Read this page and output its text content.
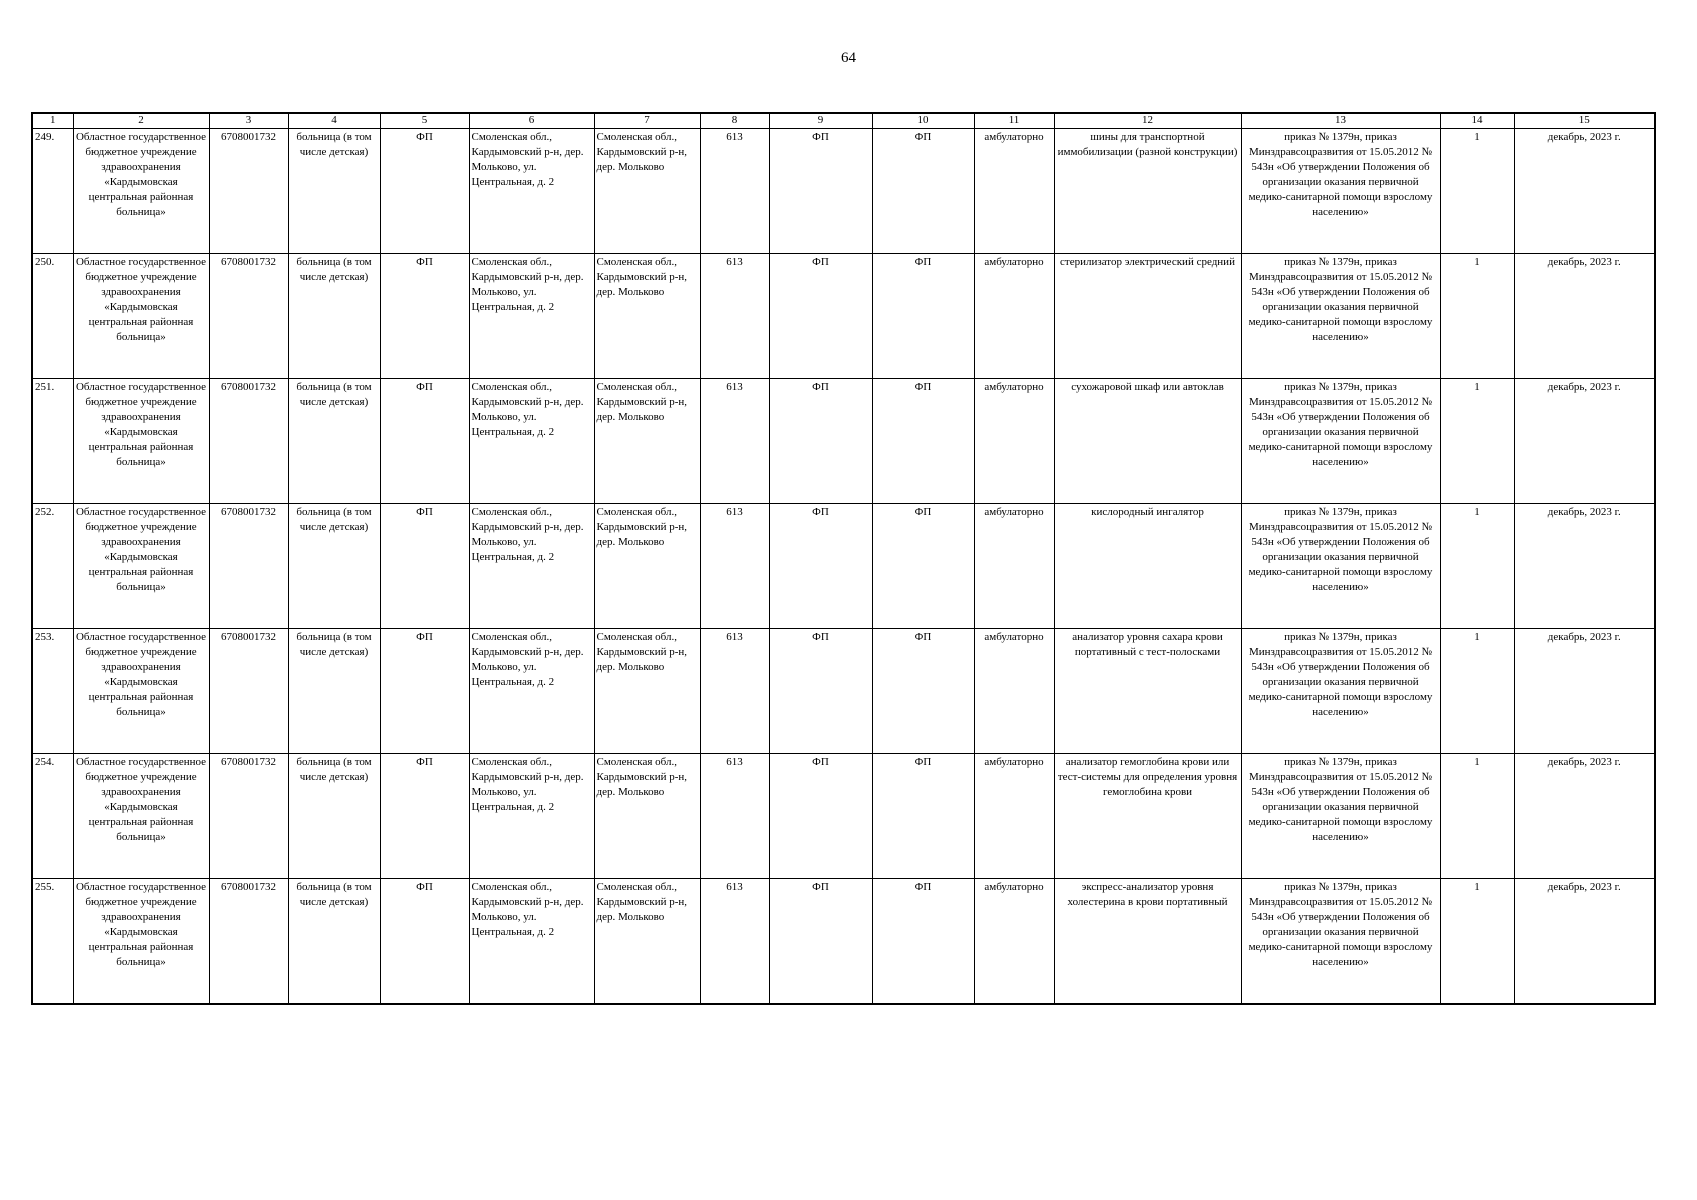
64
1	2	3	4	5	6	7	8	9	10	11	12	13	14	15
249.	Областное государственное бюджетное учреждение здравоохранения «Кардымовская центральная районная больница»	6708001732	больница (в том числе детская)	ФП	Смоленская обл., Кардымовский р-н, дер. Мольково, ул. Центральная, д. 2	Смоленская обл., Кардымовский р-н, дер. Мольково	613	ФП	ФП	амбулаторно	шины для транспортной иммобилизации (разной конструкции)	приказ № 1379н, приказ Минздравсоцразвития от 15.05.2012 № 543н «Об утверждении Положения об организации оказания первичной медико-санитарной помощи взрослому населению»	1	декабрь, 2023 г.
250.	Областное государственное бюджетное учреждение здравоохранения «Кардымовская центральная районная больница»	6708001732	больница (в том числе детская)	ФП	Смоленская обл., Кардымовский р-н, дер. Мольково, ул. Центральная, д. 2	Смоленская обл., Кардымовский р-н, дер. Мольково	613	ФП	ФП	амбулаторно	стерилизатор электрический средний	приказ № 1379н, приказ Минздравсоцразвития от 15.05.2012 № 543н «Об утверждении Положения об организации оказания первичной медико-санитарной помощи взрослому населению»	1	декабрь, 2023 г.
251.	Областное государственное бюджетное учреждение здравоохранения «Кардымовская центральная районная больница»	6708001732	больница (в том числе детская)	ФП	Смоленская обл., Кардымовский р-н, дер. Мольково, ул. Центральная, д. 2	Смоленская обл., Кардымовский р-н, дер. Мольково	613	ФП	ФП	амбулаторно	сухожаровой шкаф или автоклав	приказ № 1379н, приказ Минздравсоцразвития от 15.05.2012 № 543н «Об утверждении Положения об организации оказания первичной медико-санитарной помощи взрослому населению»	1	декабрь, 2023 г.
252.	Областное государственное бюджетное учреждение здравоохранения «Кардымовская центральная районная больница»	6708001732	больница (в том числе детская)	ФП	Смоленская обл., Кардымовский р-н, дер. Мольково, ул. Центральная, д. 2	Смоленская обл., Кардымовский р-н, дер. Мольково	613	ФП	ФП	амбулаторно	кислородный ингалятор	приказ № 1379н, приказ Минздравсоцразвития от 15.05.2012 № 543н «Об утверждении Положения об организации оказания первичной медико-санитарной помощи взрослому населению»	1	декабрь, 2023 г.
253.	Областное государственное бюджетное учреждение здравоохранения «Кардымовская центральная районная больница»	6708001732	больница (в том числе детская)	ФП	Смоленская обл., Кардымовский р-н, дер. Мольково, ул. Центральная, д. 2	Смоленская обл., Кардымовский р-н, дер. Мольково	613	ФП	ФП	амбулаторно	анализатор уровня сахара крови портативный с тест-полосками	приказ № 1379н, приказ Минздравсоцразвития от 15.05.2012 № 543н «Об утверждении Положения об организации оказания первичной медико-санитарной помощи взрослому населению»	1	декабрь, 2023 г.
254.	Областное государственное бюджетное учреждение здравоохранения «Кардымовская центральная районная больница»	6708001732	больница (в том числе детская)	ФП	Смоленская обл., Кардымовский р-н, дер. Мольково, ул. Центральная, д. 2	Смоленская обл., Кардымовский р-н, дер. Мольково	613	ФП	ФП	амбулаторно	анализатор гемоглобина крови или тест-системы для определения уровня гемоглобина крови	приказ № 1379н, приказ Минздравсоцразвития от 15.05.2012 № 543н «Об утверждении Положения об организации оказания первичной медико-санитарной помощи взрослому населению»	1	декабрь, 2023 г.
255.	Областное государственное бюджетное учреждение здравоохранения «Кардымовская центральная районная больница»	6708001732	больница (в том числе детская)	ФП	Смоленская обл., Кардымовский р-н, дер. Мольково, ул. Центральная, д. 2	Смоленская обл., Кардымовский р-н, дер. Мольково	613	ФП	ФП	амбулаторно	экспресс-анализатор уровня холестерина в крови портативный	приказ № 1379н, приказ Минздравсоцразвития от 15.05.2012 № 543н «Об утверждении Положения об организации оказания первичной медико-санитарной помощи взрослому населению»	1	декабрь, 2023 г.
